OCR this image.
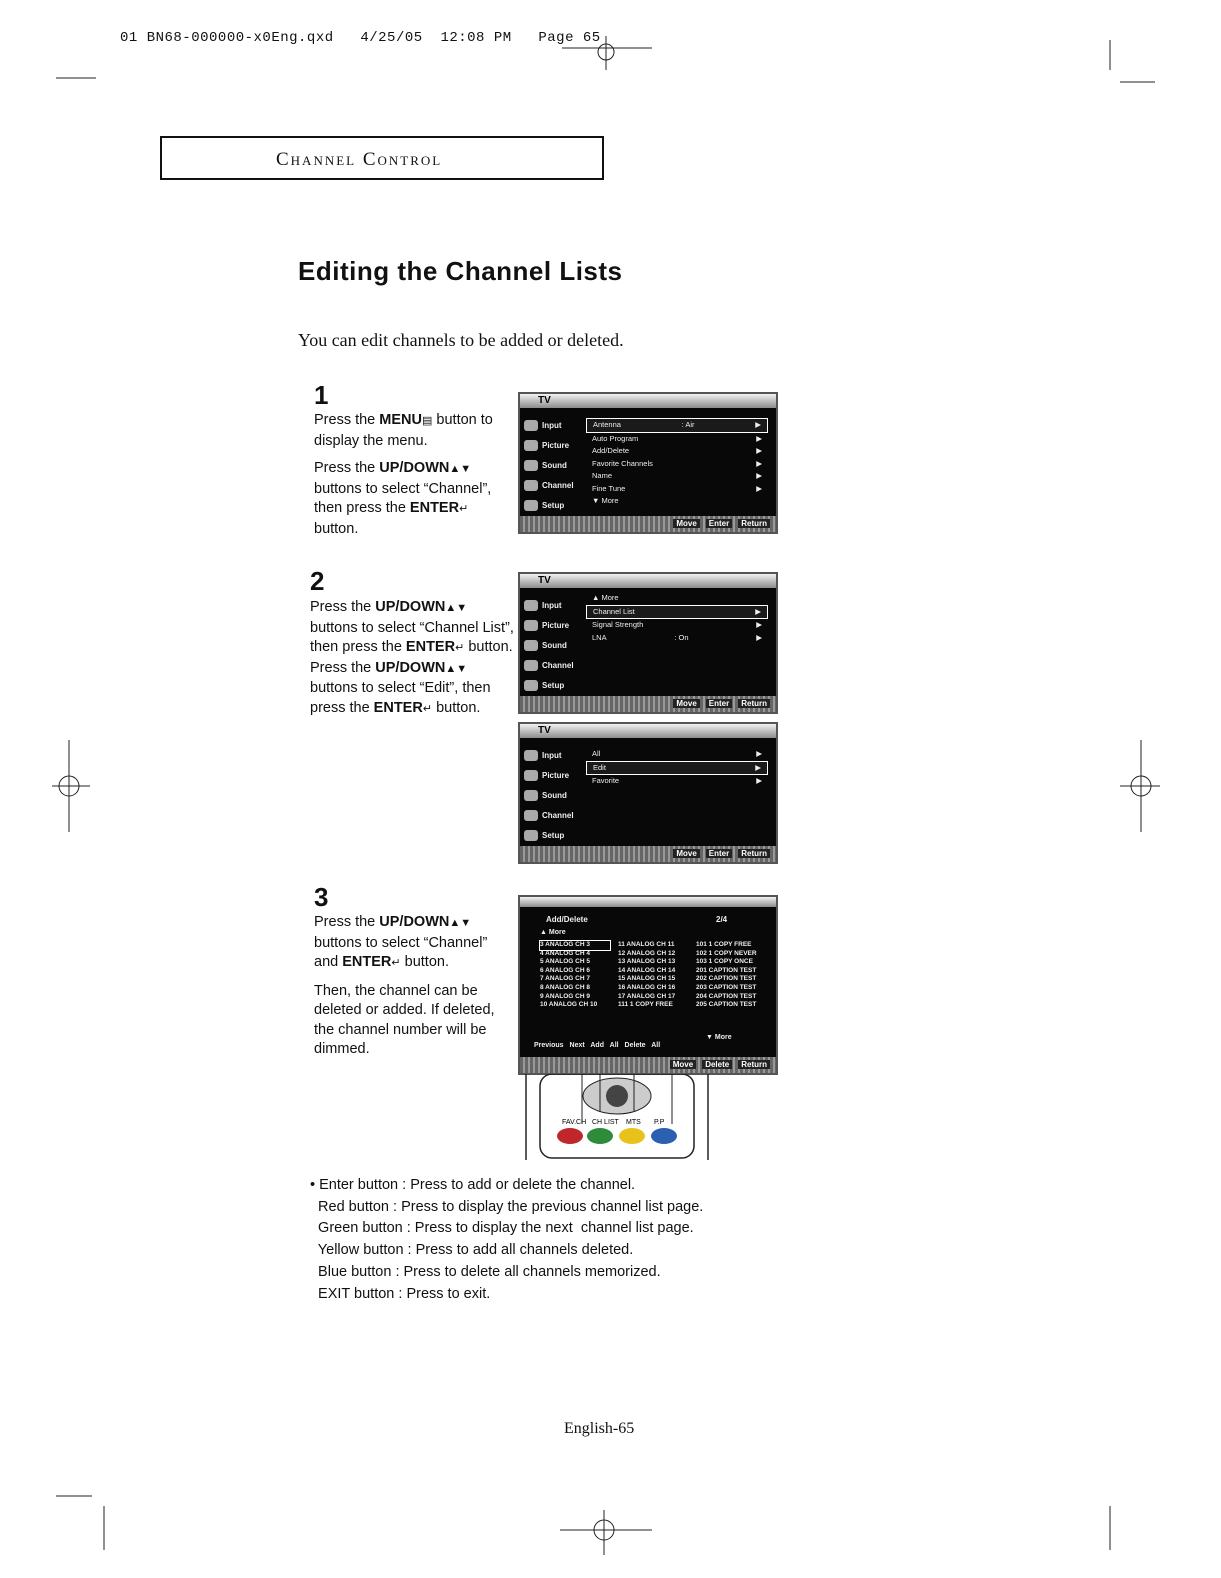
01 BN68-000000-x0Eng.qxd   4/25/05  12:08 PM   Page 65
Channel Control
Editing the Channel Lists
You can edit channels to be added or deleted.
1

Press the MENU▤ button to display the menu.

Press the UP/DOWN▲▼ buttons to select “Channel”, then press the ENTER↵ button.

TV
Input
Picture
Sound
Channel
Setup
Antenna	: Air	▶
Auto Program	▶
Add/Delete	▶
Favorite Channels	▶
Name	▶
Fine Tune	▶
▼ More
Move Enter Return
2

Press the UP/DOWN▲▼ buttons to select “Channel List”, then press the ENTER↵ button.

Press the UP/DOWN▲▼ buttons to select “Edit”, then press the ENTER↵ button.

TV
Input
Picture
Sound
Channel
Setup
▲ More
Channel List	▶
Signal Strength	▶
LNA	: On	▶
Move Enter Return
TV
Input
Picture
Sound
Channel
Setup
All	▶
Edit	▶
Favorite	▶
Move Enter Return
3

Press the UP/DOWN▲▼ buttons to select “Channel” and ENTER↵ button.

Then, the channel can be deleted or added. If deleted, the channel number will be dimmed.

Add/Delete	2/4
▲ More
3 ANALOG CH 3	11 ANALOG CH 11	101 1 COPY FREE
4 ANALOG CH 4	12 ANALOG CH 12	102 1 COPY NEVER
5 ANALOG CH 5	13 ANALOG CH 13	103 1 COPY ONCE
6 ANALOG CH 6	14 ANALOG CH 14	201 CAPTION TEST
7 ANALOG CH 7	15 ANALOG CH 15	202 CAPTION TEST
8 ANALOG CH 8	16 ANALOG CH 16	203 CAPTION TEST
9 ANALOG CH 9	17 ANALOG CH 17	204 CAPTION TEST
10 ANALOG CH 10	111 1 COPY FREE	205 CAPTION TEST
Previous Next Add All Delete All
▼ More
Move Delete Return
FAV.CH CH LIST MTS P.P
• Enter button : Press to add or delete the channel.
Red button : Press to display the previous channel list page.
Green button : Press to display the next  channel list page.
Yellow button : Press to add all channels deleted.
Blue button : Press to delete all channels memorized.
EXIT button : Press to exit.
English-65
